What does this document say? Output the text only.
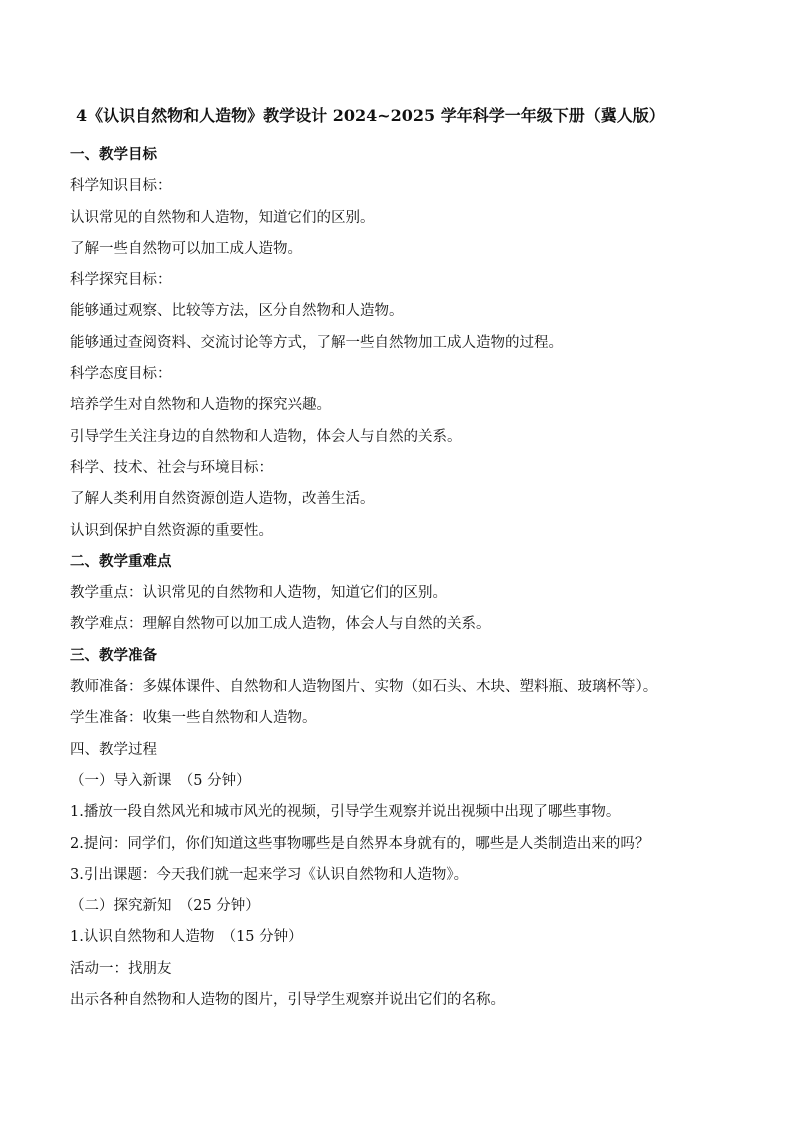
4《认识自然物和人造物》教学设计 2024~2025 学年科学一年级下册（冀人版）
一、教学目标
科学知识目标：
认识常见的自然物和人造物，知道它们的区别。
了解一些自然物可以加工成人造物。
科学探究目标：
能够通过观察、比较等方法，区分自然物和人造物。
能够通过查阅资料、交流讨论等方式，了解一些自然物加工成人造物的过程。
科学态度目标：
培养学生对自然物和人造物的探究兴趣。
引导学生关注身边的自然物和人造物，体会人与自然的关系。
科学、技术、社会与环境目标：
了解人类利用自然资源创造人造物，改善生活。
认识到保护自然资源的重要性。
二、教学重难点
教学重点：认识常见的自然物和人造物，知道它们的区别。
教学难点：理解自然物可以加工成人造物，体会人与自然的关系。
三、教学准备
教师准备：多媒体课件、自然物和人造物图片、实物（如石头、木块、塑料瓶、玻璃杯等）。
学生准备：收集一些自然物和人造物。
四、教学过程
（一）导入新课　（5 分钟）
1.播放一段自然风光和城市风光的视频，引导学生观察并说出视频中出现了哪些事物。
2.提问：同学们，你们知道这些事物哪些是自然界本身就有的，哪些是人类制造出来的吗？
3.引出课题：今天我们就一起来学习《认识自然物和人造物》。
（二）探究新知　（25 分钟）
1.认识自然物和人造物　（15 分钟）
活动一：找朋友
出示各种自然物和人造物的图片，引导学生观察并说出它们的名称。
